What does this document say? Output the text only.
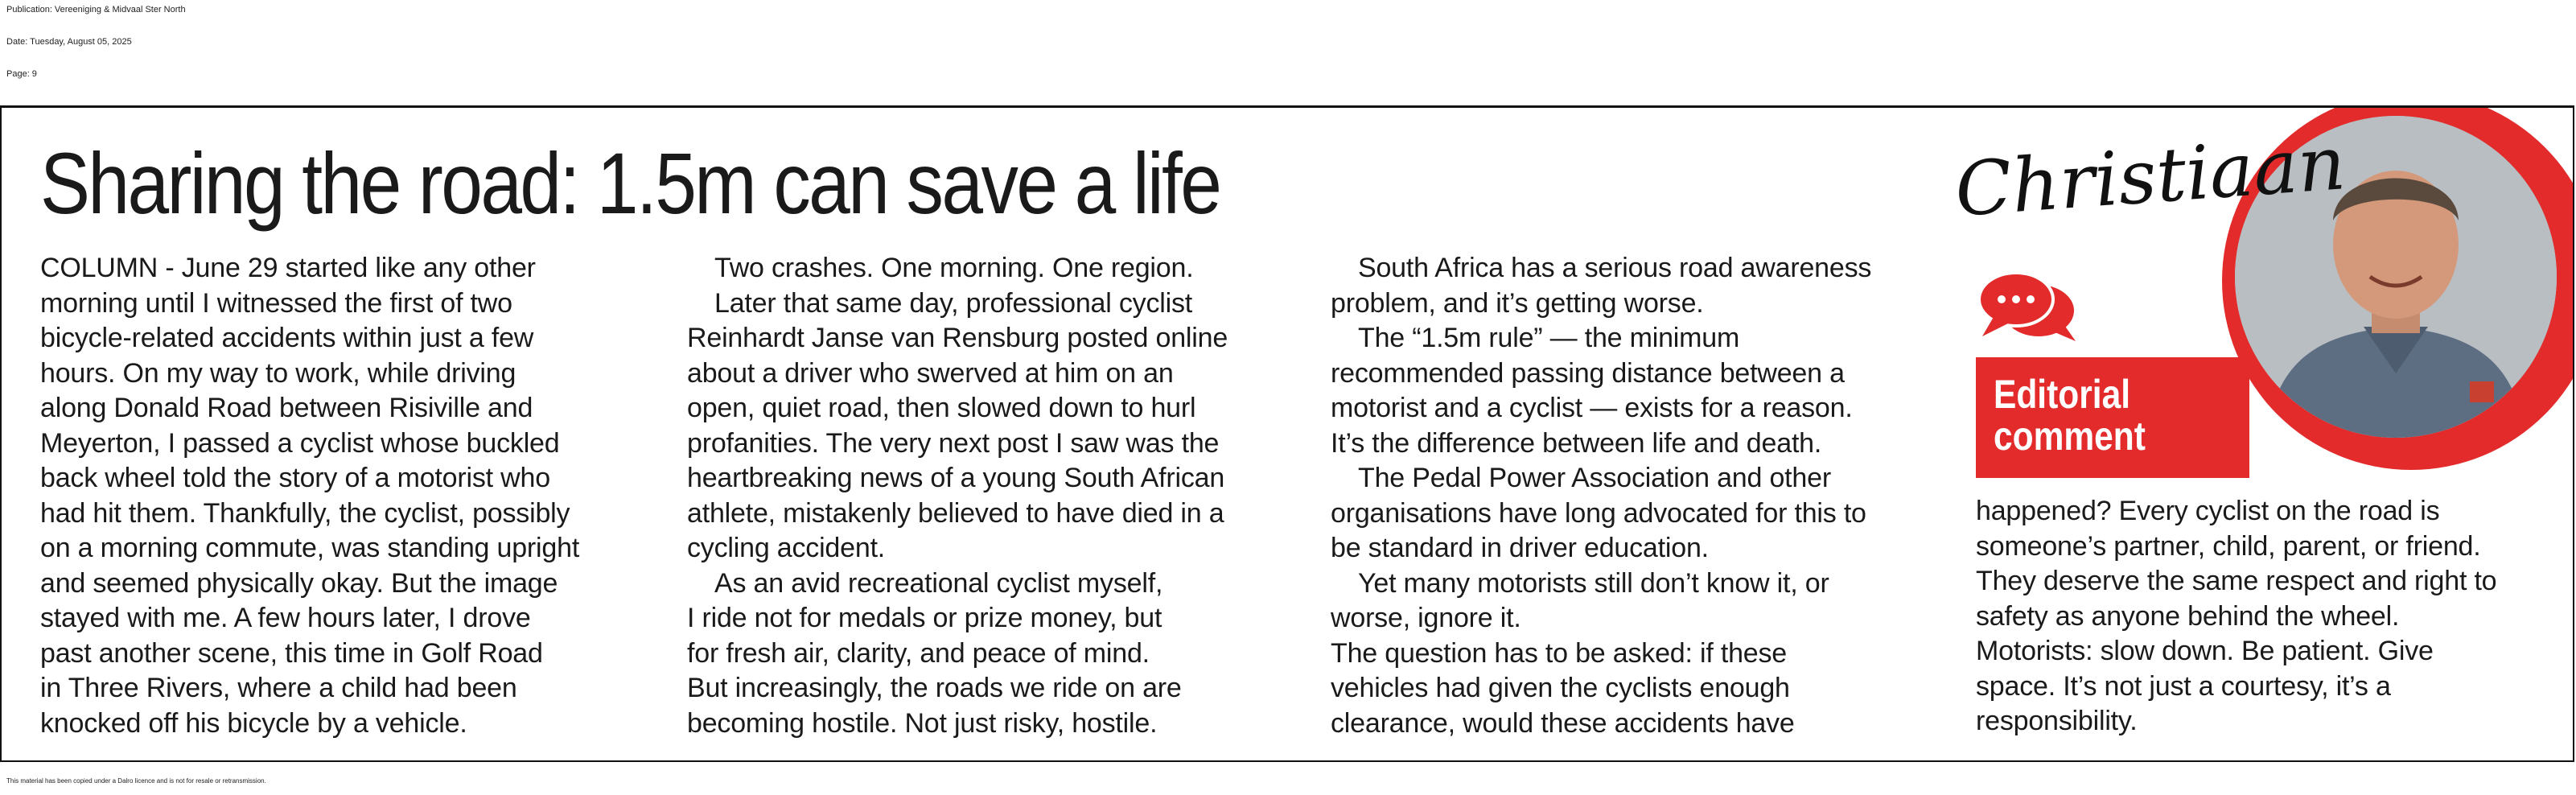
Publication: Vereeniging & Midvaal Ster North
Date: Tuesday, August 05, 2025
Page: 9
Sharing the road: 1.5m can save a life

COLUMN - June 29 started like any other

morning until I witnessed the first of two

bicycle-related accidents within just a few

hours. On my way to work, while driving

along Donald Road between Risiville and

Meyerton, I passed a cyclist whose buckled

back wheel told the story of a motorist who

had hit them. Thankfully, the cyclist, possibly

on a morning commute, was standing upright

and seemed physically okay. But the image

stayed with me. A few hours later, I drove

past another scene, this time in Golf Road

in Three Rivers, where a child had been

knocked off his bicycle by a vehicle.

Two crashes. One morning. One region.

Later that same day, professional cyclist

Reinhardt Janse van Rensburg posted online

about a driver who swerved at him on an

open, quiet road, then slowed down to hurl

profanities. The very next post I saw was the

heartbreaking news of a young South African

athlete, mistakenly believed to have died in a

cycling accident.

As an avid recreational cyclist myself,

I ride not for medals or prize money, but

for fresh air, clarity, and peace of mind.

But increasingly, the roads we ride on are

becoming hostile. Not just risky, hostile.

South Africa has a serious road awareness

problem, and it’s getting worse.

The “1.5m rule” — the minimum

recommended passing distance between a

motorist and a cyclist — exists for a reason.

It’s the difference between life and death.

The Pedal Power Association and other

organisations have long advocated for this to

be standard in driver education.

Yet many motorists still don’t know it, or

worse, ignore it.

The question has to be asked: if these

vehicles had given the cyclists enough

clearance, would these accidents have

happened? Every cyclist on the road is

someone’s partner, child, parent, or friend.

They deserve the same respect and right to

safety as anyone behind the wheel.

Motorists: slow down. Be patient. Give

space. It’s not just a courtesy, it’s a

responsibility.

Christiaan
Editorial
comment
This material has been copied under a Dalro licence and is not for resale or retransmission.
